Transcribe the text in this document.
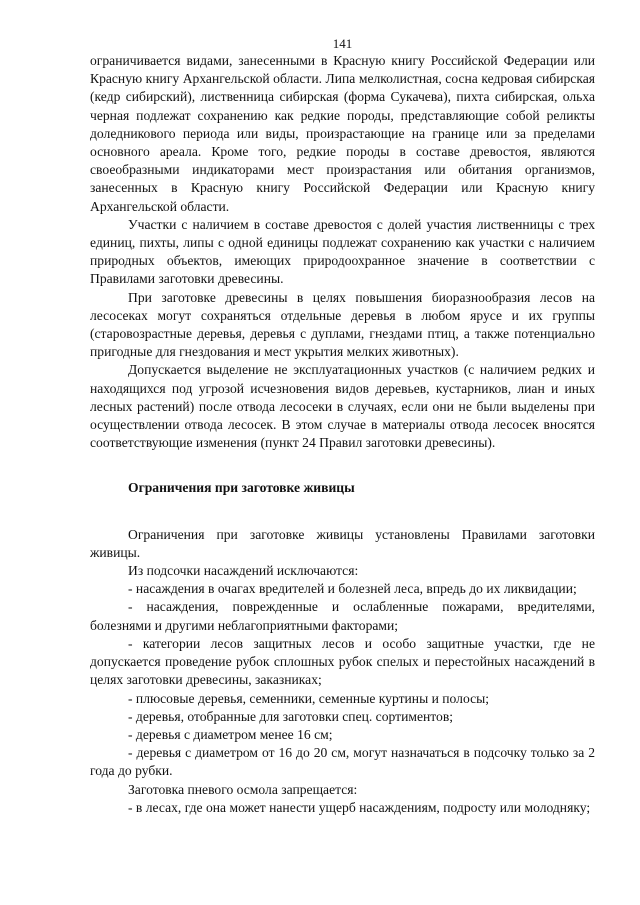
141

ограничивается видами, занесенными в Красную книгу Российской Федерации или Красную книгу Архангельской области. Липа мелколистная, сосна кедровая сибирская (кедр сибирский), лиственница сибирская (форма Сукачева), пихта сибирская, ольха черная подлежат сохранению как редкие породы, представляющие собой реликты доледникового периода или виды, произрастающие на границе или за пределами основного ареала. Кроме того, редкие породы в составе древостоя, являются своеобразными индикаторами мест произрастания или обитания организмов, занесенных в Красную книгу Российской Федерации или Красную книгу Архангельской области.

Участки с наличием в составе древостоя с долей участия лиственницы с трех единиц, пихты, липы с одной единицы подлежат сохранению как участки с наличием природных объектов, имеющих природоохранное значение в соответствии с Правилами заготовки древесины.

При заготовке древесины в целях повышения биоразнообразия лесов на лесосеках могут сохраняться отдельные деревья в любом ярусе и их группы (старовозрастные деревья, деревья с дуплами, гнездами птиц, а также потенциально пригодные для гнездования и мест укрытия мелких животных).

Допускается выделение не эксплуатационных участков (с наличием редких и находящихся под угрозой исчезновения видов деревьев, кустарников, лиан и иных лесных растений) после отвода лесосеки в случаях, если они не были выделены при осуществлении отвода лесосек. В этом случае в материалы отвода лесосек вносятся соответствующие изменения (пункт 24 Правил заготовки древесины).

Ограничения при заготовке живицы

Ограничения при заготовке живицы установлены Правилами заготовки живицы.

Из подсочки насаждений исключаются:

- насаждения в очагах вредителей и болезней леса, впредь до их ликвидации;

- насаждения, поврежденные и ослабленные пожарами, вредителями, болезнями и другими неблагоприятными факторами;

- категории лесов защитных лесов и особо защитные участки, где не допускается проведение рубок сплошных рубок спелых и перестойных насаждений в целях заготовки древесины, заказниках;

- плюсовые деревья, семенники, семенные куртины и полосы;

- деревья, отобранные для заготовки спец. сортиментов;

- деревья с диаметром менее 16 см;

- деревья с диаметром от 16 до 20 см, могут назначаться в подсочку только за 2 года до рубки.

Заготовка пневого осмола запрещается:

- в лесах, где она может нанести ущерб насаждениям, подросту или молодняку;
